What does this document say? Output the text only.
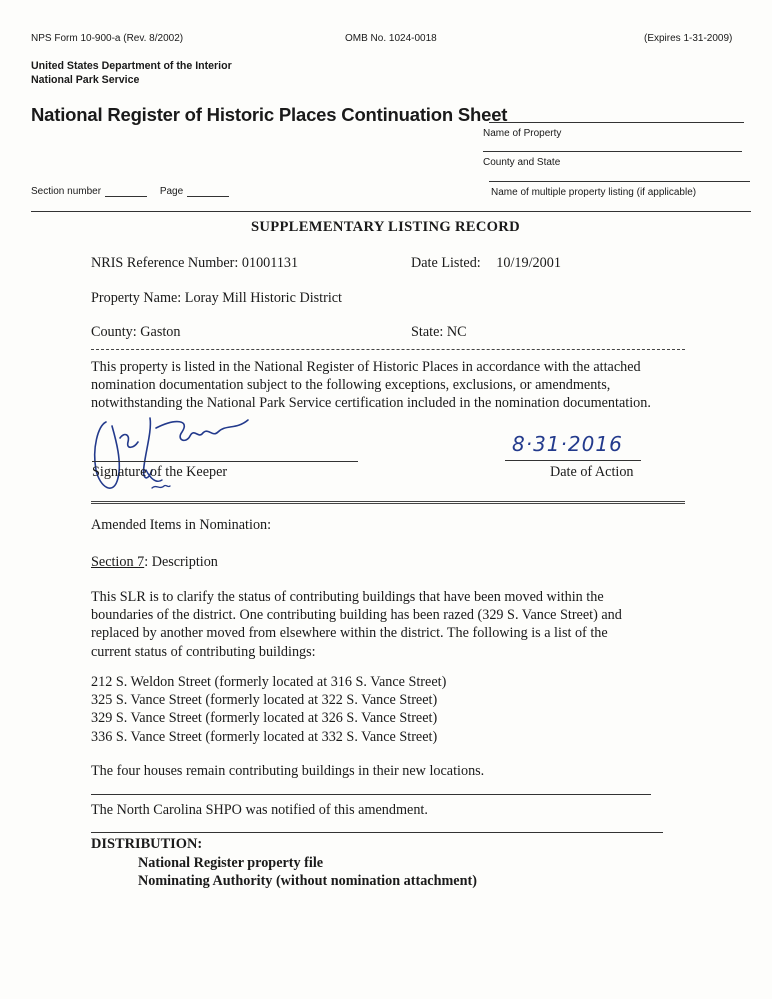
NPS Form 10-900-a (Rev. 8/2002)	OMB No. 1024-0018	(Expires 1-31-2009)
United States Department of the Interior
National Park Service
National Register of Historic Places Continuation Sheet
Name of Property
County and State
Name of multiple property listing (if applicable)
Section number	Page
SUPPLEMENTARY LISTING RECORD
NRIS Reference Number: 01001131	Date Listed: 10/19/2001
Property Name: Loray Mill Historic District
County: Gaston	State: NC
This property is listed in the National Register of Historic Places in accordance with the attached
nomination documentation subject to the following exceptions, exclusions, or amendments,
notwithstanding the National Park Service certification included in the nomination documentation.
Signature of the Keeper
8·31·2016
Date of Action
Amended Items in Nomination:
Section 7: Description
This SLR is to clarify the status of contributing buildings that have been moved within the
boundaries of the district. One contributing building has been razed (329 S. Vance Street) and
replaced by another moved from elsewhere within the district. The following is a list of the
current status of contributing buildings:
212 S. Weldon Street (formerly located at 316 S. Vance Street)
325 S. Vance Street (formerly located at 322 S. Vance Street)
329 S. Vance Street (formerly located at 326 S. Vance Street)
336 S. Vance Street (formerly located at 332 S. Vance Street)
The four houses remain contributing buildings in their new locations.
The North Carolina SHPO was notified of this amendment.
DISTRIBUTION:
National Register property file
Nominating Authority (without nomination attachment)
